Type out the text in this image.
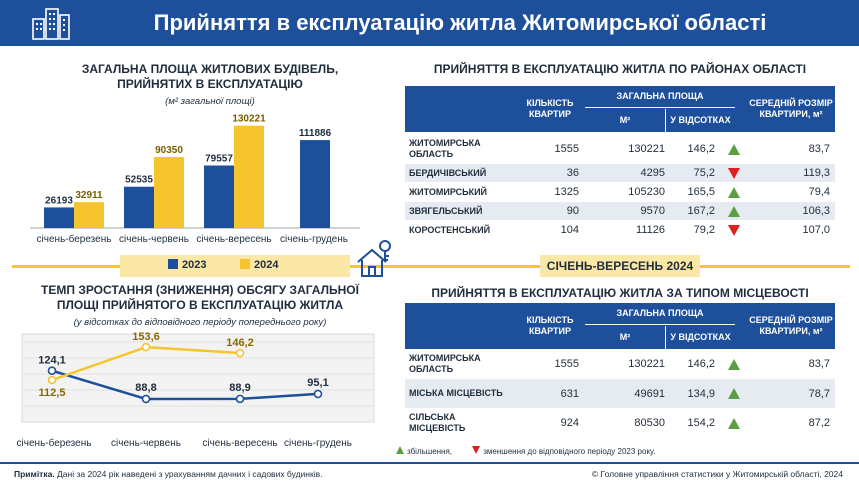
Прийняття в експлуатацію житла Житомирської області
ЗАГАЛЬНА ПЛОЩА ЖИТЛОВИХ БУДІВЕЛЬ,
ПРИЙНЯТИХ В ЕКСПЛУАТАЦІЮ
(м² загальної площі)
26193 32911
січень-березень
52535
90350
січень-червень
79557
130221
січень-вересень
111886
січень-грудень
2023	2024	СІЧЕНЬ-ВЕРЕСЕНЬ 2024
ТЕМП ЗРОСТАННЯ (ЗНИЖЕННЯ) ОБСЯГУ ЗАГАЛЬНОЇ
ПЛОЩІ ПРИЙНЯТОГО В ЕКСПЛУАТАЦІЮ ЖИТЛА
(у відсотках до відповідного періоду попереднього року)
124,1
88,8	88,9	95,1
112,5
153,6	146,2
січень-березень січень-червень січень-вересень січень-грудень
ПРИЙНЯТТЯ В ЕКСПЛУАТАЦІЮ ЖИТЛА ПО РАЙОНАХ ОБЛАСТІ
КІЛЬКІСТЬ КВАРТИР
ЗАГАЛЬНА ПЛОЩА
М²	У ВІДСОТКАХ
СЕРЕДНІЙ РОЗМІР КВАРТИРИ, м²
ЖИТОМИРСЬКА ОБЛАСТЬ	1555	130221	146,2	83,7
БЕРДИЧІВСЬКИЙ	36	4295	75,2	119,3
ЖИТОМИРСЬКИЙ	1325	105230	165,5	79,4
ЗВЯГЕЛЬСЬКИЙ	90	9570	167,2	106,3
КОРОСТЕНСЬКИЙ	104	11126	79,2	107,0
ПРИЙНЯТТЯ В ЕКСПЛУАТАЦІЮ ЖИТЛА ЗА ТИПОМ МІСЦЕВОСТІ
КІЛЬКІСТЬ КВАРТИР
ЗАГАЛЬНА ПЛОЩА
М²	У ВІДСОТКАХ
СЕРЕДНІЙ РОЗМІР КВАРТИРИ, м²
ЖИТОМИРСЬКА ОБЛАСТЬ	1555	130221	146,2	83,7
МІСЬКА МІСЦЕВІСТЬ	631	49691	134,9	78,7
СІЛЬСЬКА МІСЦЕВІСТЬ	924	80530	154,2	87,2
збільшення,	зменшення до відповідного періоду 2023 року.
Примітка. Дані за 2024 рік наведені з урахуванням дачних і садових будинків.	© Головне управління статистики у Житомирській області, 2024
